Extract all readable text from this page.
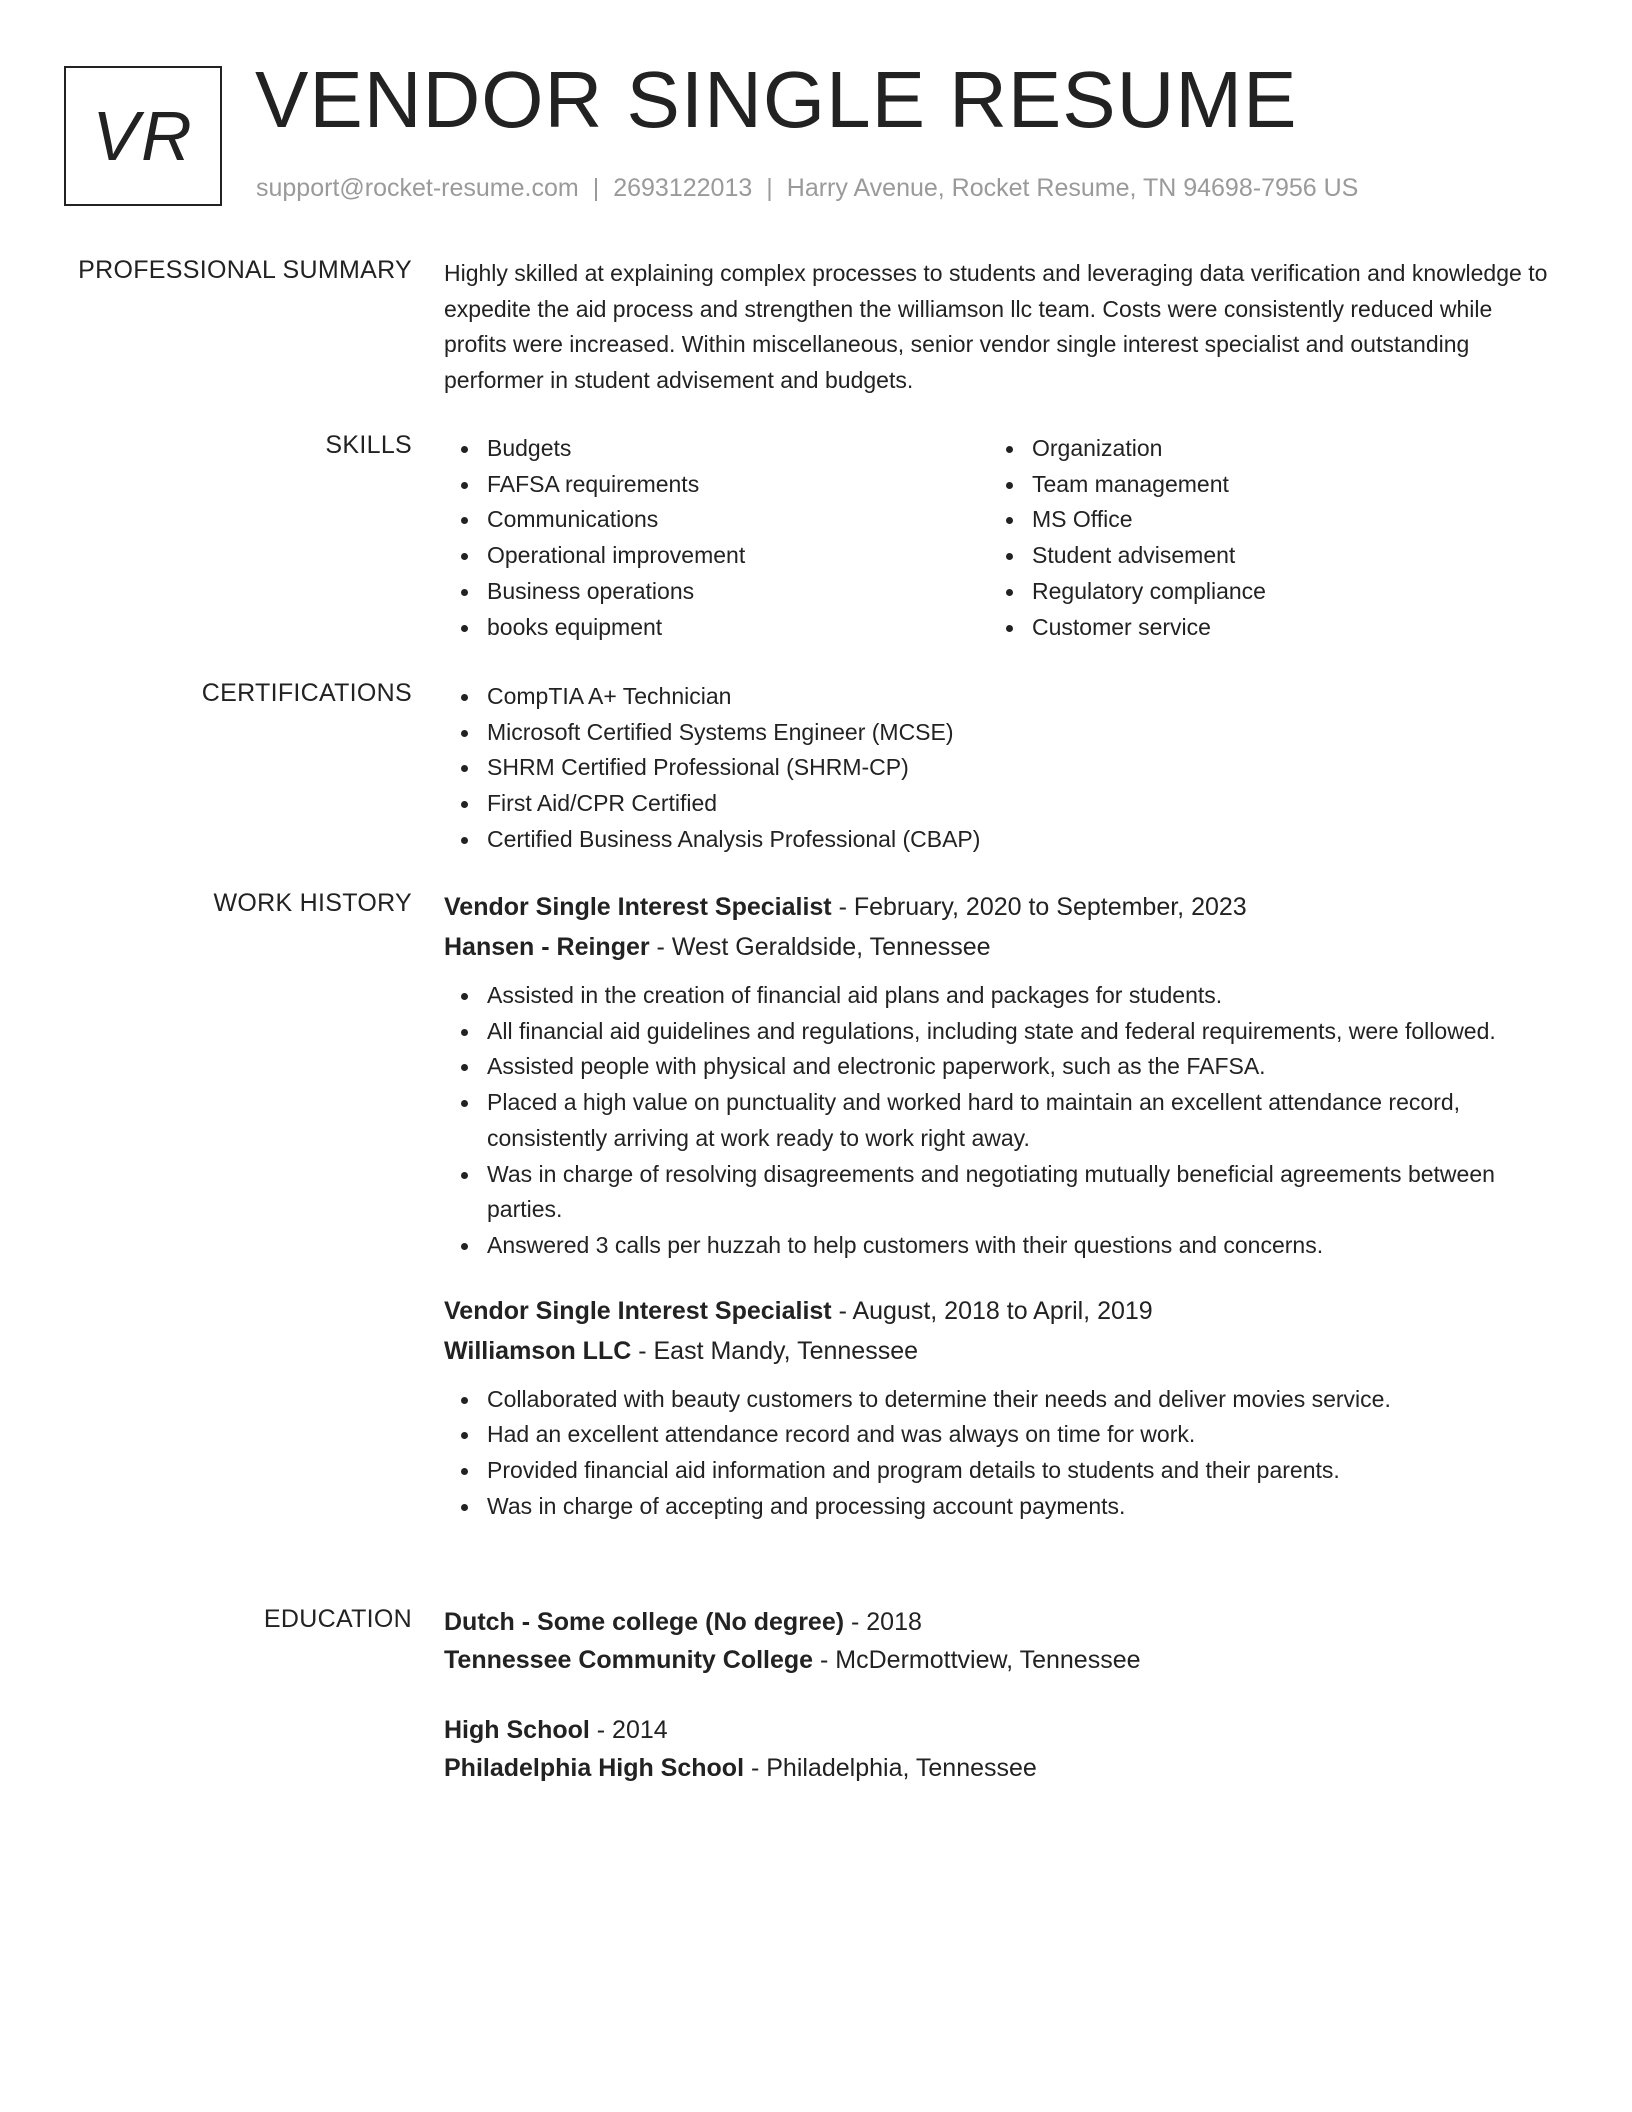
VR VENDOR SINGLE RESUME
support@rocket-resume.com | 2693122013 | Harry Avenue, Rocket Resume, TN 94698-7956 US
PROFESSIONAL SUMMARY Highly skilled at explaining complex processes to students and leveraging data verification and knowledge to expedite the aid process and strengthen the williamson llc team. Costs were consistently reduced while profits were increased. Within miscellaneous, senior vendor single interest specialist and outstanding performer in student advisement and budgets.

SKILLS	Budgets
FAFSA requirements
Communications
Operational improvement
Business operations
books equipment
Organization
Team management
MS Office
Student advisement
Regulatory compliance
Customer service
CERTIFICATIONS	CompTIA A+ Technician
Microsoft Certified Systems Engineer (MCSE)
SHRM Certified Professional (SHRM-CP)
First Aid/CPR Certified
Certified Business Analysis Professional (CBAP)
WORK HISTORY Vendor Single Interest Specialist - February, 2020 to September, 2023
Hansen - Reinger - West Geraldside, Tennessee
Assisted in the creation of financial aid plans and packages for students.
All financial aid guidelines and regulations, including state and federal requirements, were followed.
Assisted people with physical and electronic paperwork, such as the FAFSA.
Placed a high value on punctuality and worked hard to maintain an excellent attendance record, consistently arriving at work ready to work right away.
Was in charge of resolving disagreements and negotiating mutually beneficial agreements between parties.
Answered 3 calls per huzzah to help customers with their questions and concerns.
Vendor Single Interest Specialist - August, 2018 to April, 2019
Williamson LLC - East Mandy, Tennessee
Collaborated with beauty customers to determine their needs and deliver movies service.
Had an excellent attendance record and was always on time for work.
Provided financial aid information and program details to students and their parents.
Was in charge of accepting and processing account payments.
EDUCATION Dutch - Some college (No degree) - 2018
Tennessee Community College - McDermottview, Tennessee
High School - 2014
Philadelphia High School - Philadelphia, Tennessee
